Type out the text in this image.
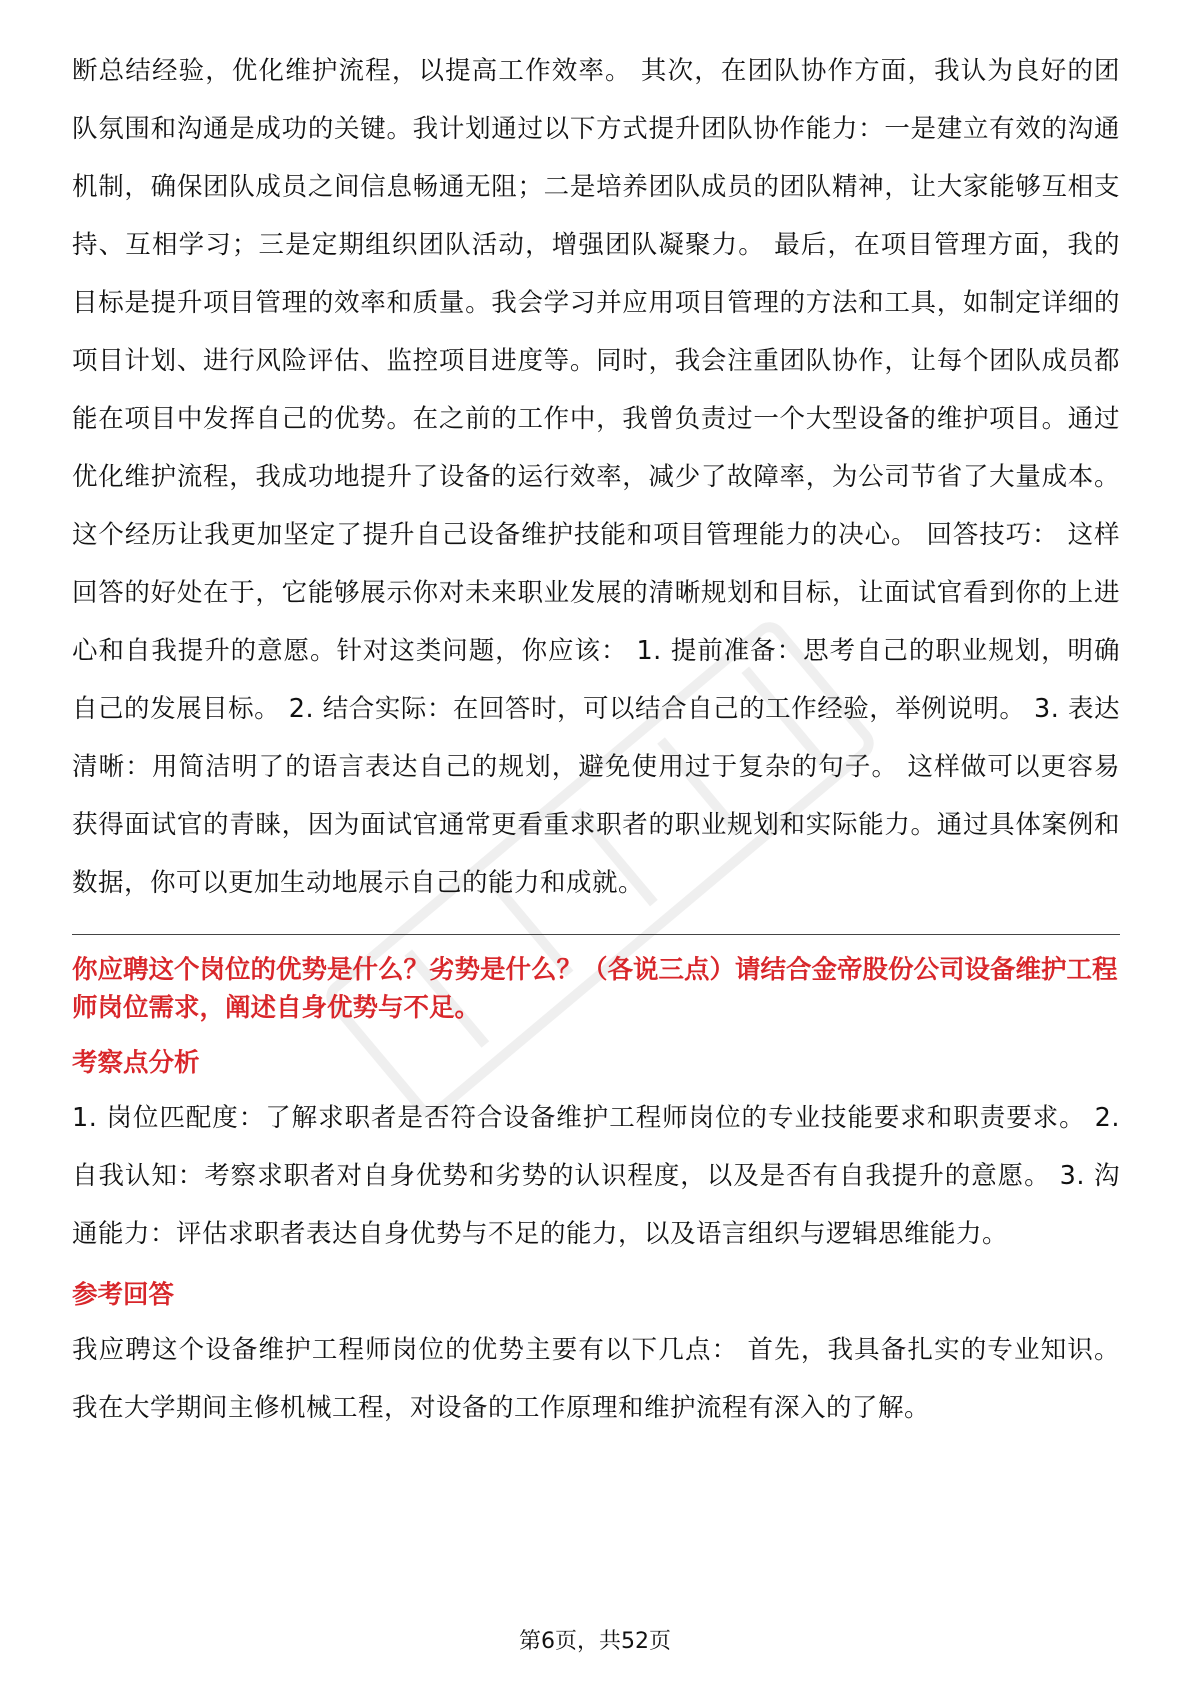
断总结经验，优化维护流程，以提高工作效率。 其次，在团队协作方面，我认为良好的团队氛围和沟通是成功的关键。我计划通过以下方式提升团队协作能力：一是建立有效的沟通机制，确保团队成员之间信息畅通无阻；二是培养团队成员的团队精神，让大家能够互相支持、互相学习；三是定期组织团队活动，增强团队凝聚力。 最后，在项目管理方面，我的目标是提升项目管理的效率和质量。我会学习并应用项目管理的方法和工具，如制定详细的项目计划、进行风险评估、监控项目进度等。同时，我会注重团队协作，让每个团队成员都能在项目中发挥自己的优势。在之前的工作中，我曾负责过一个大型设备的维护项目。通过优化维护流程，我成功地提升了设备的运行效率，减少了故障率，为公司节省了大量成本。这个经历让我更加坚定了提升自己设备维护技能和项目管理能力的决心。 回答技巧： 这样回答的好处在于，它能够展示你对未来职业发展的清晰规划和目标，让面试官看到你的上进心和自我提升的意愿。针对这类问题，你应该： 1. 提前准备：思考自己的职业规划，明确自己的发展目标。 2. 结合实际：在回答时，可以结合自己的工作经验，举例说明。 3. 表达清晰：用简洁明了的语言表达自己的规划，避免使用过于复杂的句子。 这样做可以更容易获得面试官的青睐，因为面试官通常更看重求职者的职业规划和实际能力。通过具体案例和数据，你可以更加生动地展示自己的能力和成就。

你应聘这个岗位的优势是什么？劣势是什么？（各说三点）请结合金帝股份公司设备维护工程师岗位需求，阐述自身优势与不足。
考察点分析

1. 岗位匹配度：了解求职者是否符合设备维护工程师岗位的专业技能要求和职责要求。 2. 自我认知：考察求职者对自身优势和劣势的认识程度，以及是否有自我提升的意愿。 3. 沟通能力：评估求职者表达自身优势与不足的能力，以及语言组织与逻辑思维能力。

参考回答

我应聘这个设备维护工程师岗位的优势主要有以下几点： 首先，我具备扎实的专业知识。我在大学期间主修机械工程，对设备的工作原理和维护流程有深入的了解。

第6页，共52页
